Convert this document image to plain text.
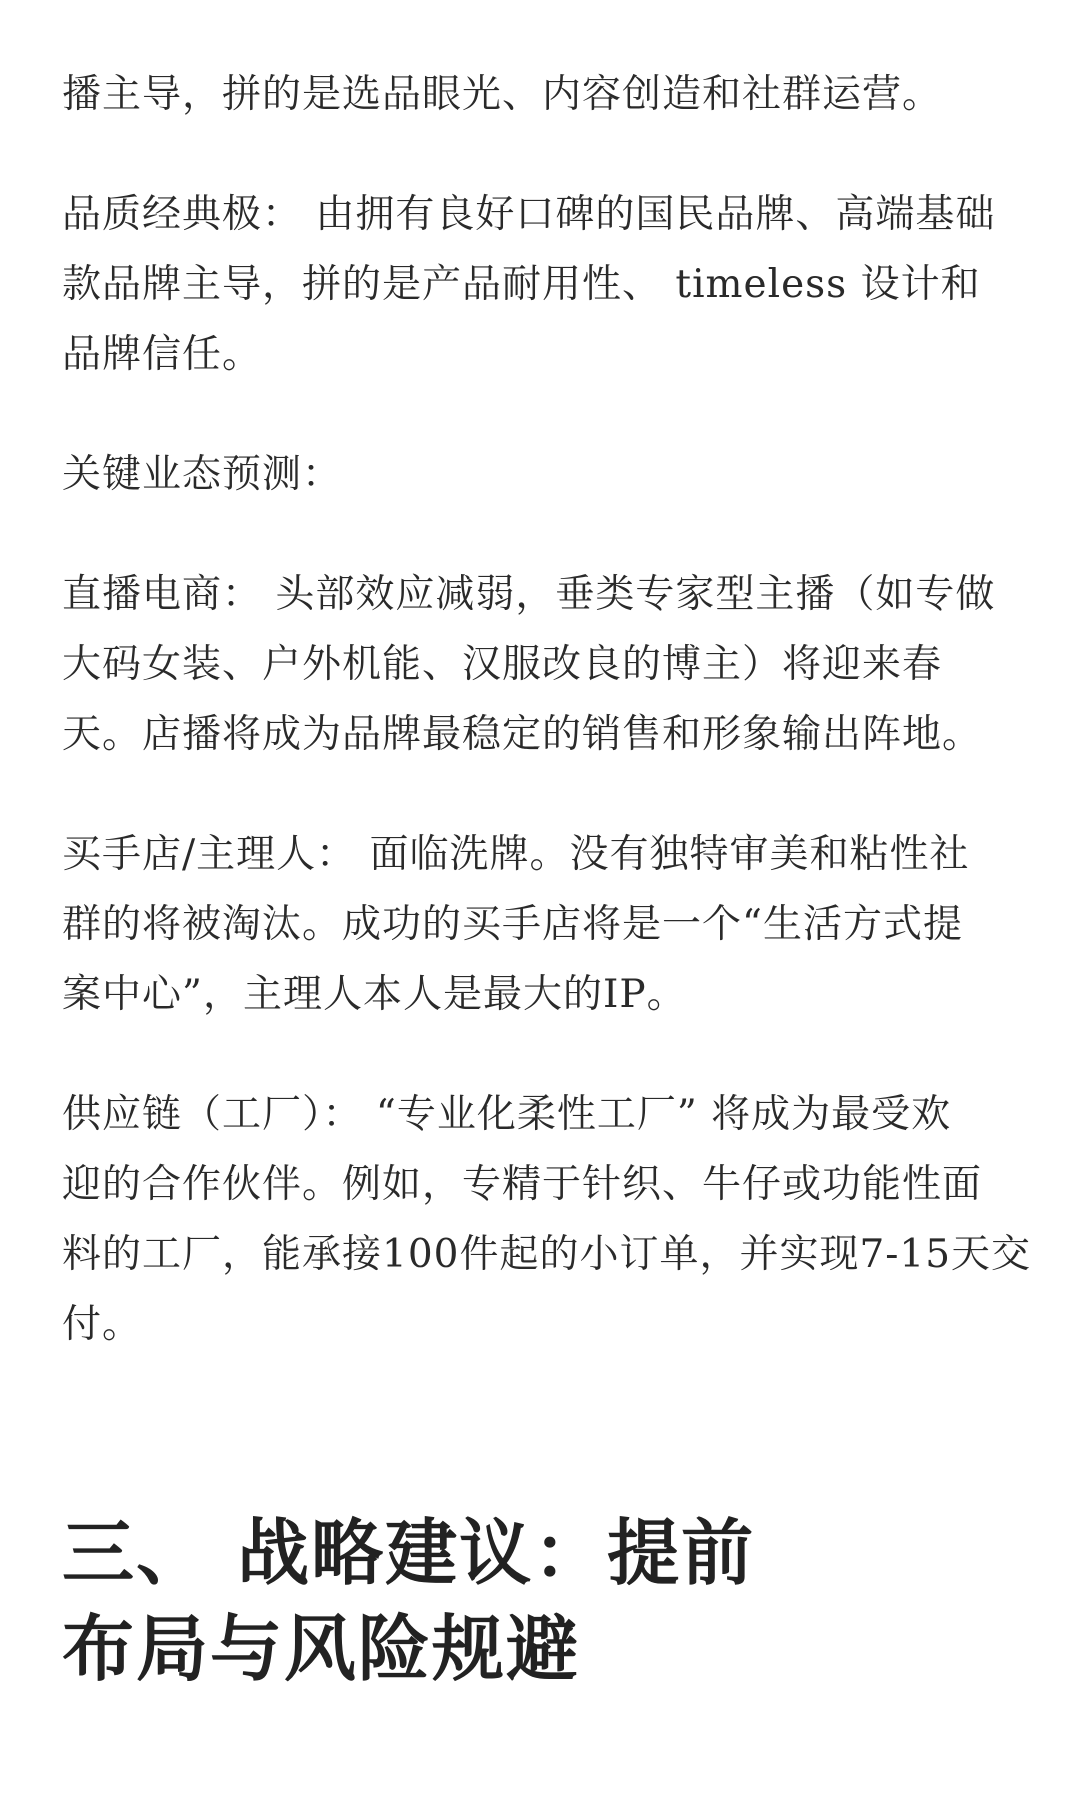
播主导，拼的是选品眼光、内容创造和社群运营。

品质经典极： 由拥有良好口碑的国民品牌、高端基础
款品牌主导，拼的是产品耐用性、 timeless 设计和
品牌信任。

关键业态预测：

直播电商： 头部效应减弱，垂类专家型主播（如专做
大码女装、户外机能、汉服改良的博主）将迎来春
天。店播将成为品牌最稳定的销售和形象输出阵地。

买手店/主理人： 面临洗牌。没有独特审美和粘性社
群的将被淘汰。成功的买手店将是一个“生活方式提
案中心”，主理人本人是最大的IP。

供应链（工厂）： “专业化柔性工厂” 将成为最受欢
迎的合作伙伴。例如，专精于针织、牛仔或功能性面
料的工厂，能承接100件起的小订单，并实现7-15天交
付。

三、 战略建议：提前
布局与风险规避
